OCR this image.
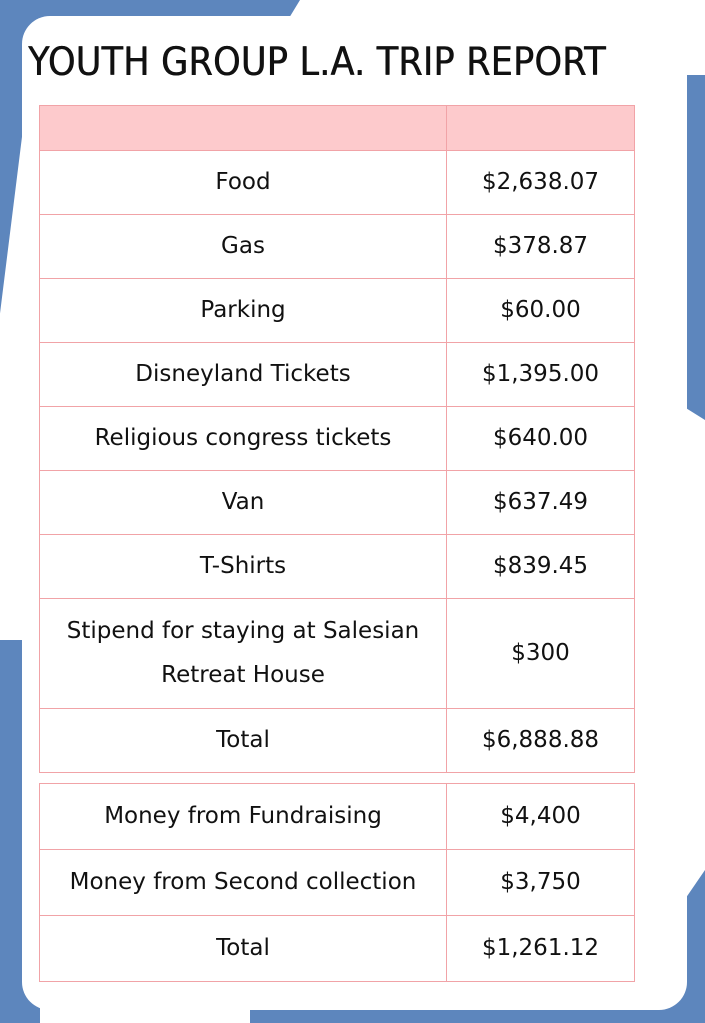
YOUTH GROUP L.A. TRIP REPORT

Food	$2,638.07
Gas	$378.87
Parking	$60.00
Disneyland Tickets	$1,395.00
Religious congress tickets	$640.00
Van	$637.49
T-Shirts	$839.45
Stipend for staying at Salesian Retreat House	$300
Total	$6,888.88
Money from Fundraising	$4,400
Money from Second collection	$3,750
Total	$1,261.12
